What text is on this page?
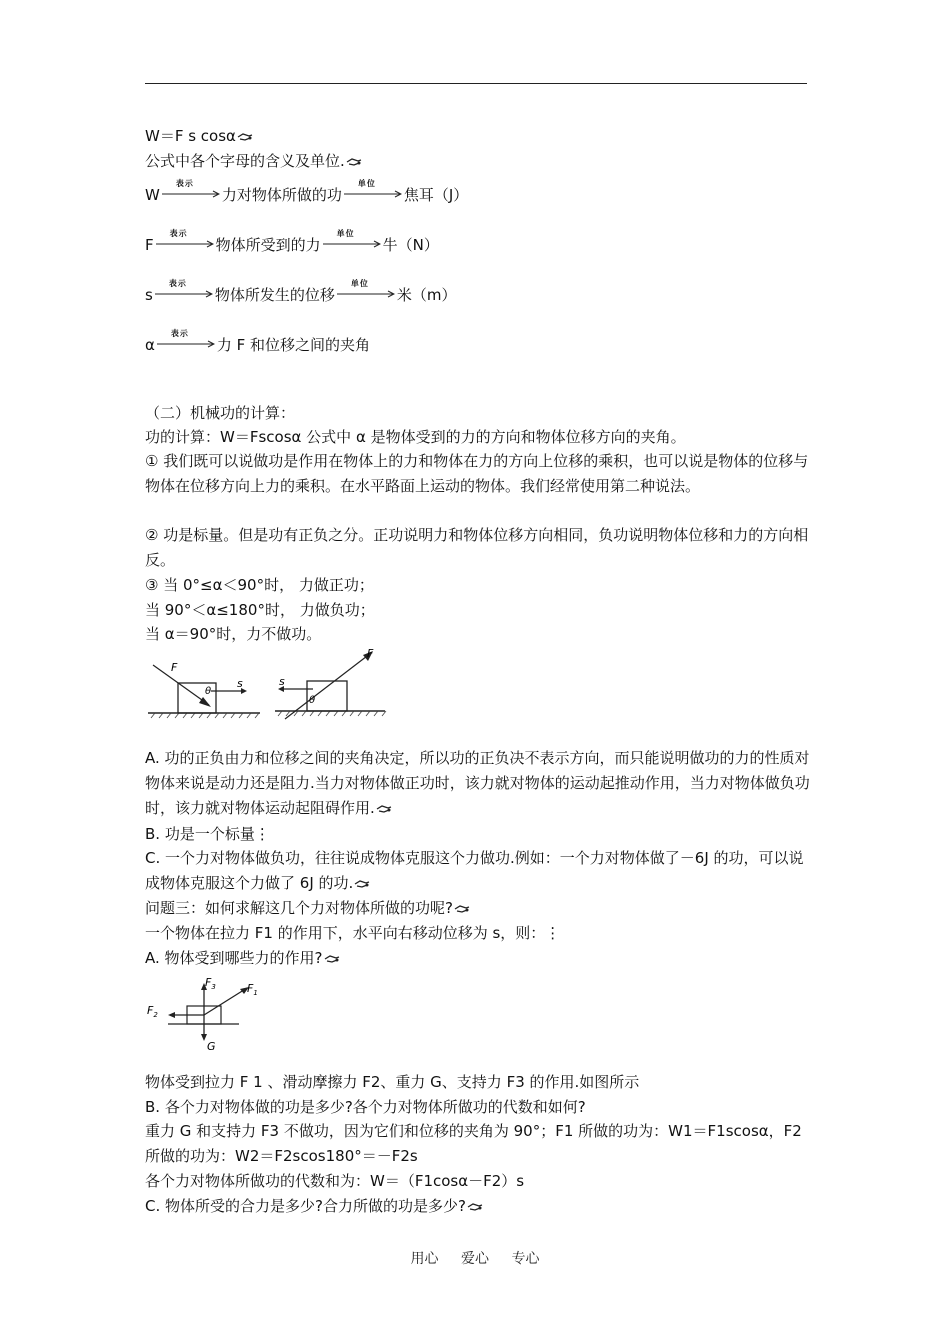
W＝F s cosα
公式中各个字母的含义及单位.
W
表示
力对物体所做的功
单位
焦耳（J）
F
表示
物体所受到的力
单位
牛（N）
s
表示
物体所发生的位移
单位
米（m）
α
表示
力 F 和位移之间的夹角
（二）机械功的计算：
功的计算：W＝Fscosα 公式中 α 是物体受到的力的方向和物体位移方向的夹角。
① 我们既可以说做功是作用在物体上的力和物体在力的方向上位移的乘积，也可以说是物体的位移与物体在位移方向上力的乘积。在水平路面上运动的物体。我们经常使用第二种说法。
② 功是标量。但是功有正负之分。正功说明力和物体位移方向相同，负功说明物体位移和力的方向相反。
③ 当 0°≤α＜90°时， 力做正功；
当 90°＜α≤180°时， 力做负功；
当 α＝90°时，力不做功。
F
θ
s
F
s
θ
A. 功的正负由力和位移之间的夹角决定，所以功的正负决不表示方向，而只能说明做功的力的性质对物体来说是动力还是阻力.当力对物体做正功时，该力就对物体的运动起推动作用，当力对物体做负功时，该力就对物体运动起阻碍作用.
B. 功是一个标量⋮
C. 一个力对物体做负功，往往说成物体克服这个力做功.例如：一个力对物体做了－6J 的功，可以说成物体克服这个力做了 6J 的功.
问题三：如何求解这几个力对物体所做的功呢?
一个物体在拉力 F1 的作用下，水平向右移动位移为 s，则：⋮
A. 物体受到哪些力的作用?
$F_3$	$F_1$
$F_2$
G
物体受到拉力 F 1 、滑动摩擦力 F2、重力 G、支持力 F3 的作用.如图所示
B. 各个力对物体做的功是多少?各个力对物体所做功的代数和如何?
重力 G 和支持力 F3 不做功，因为它们和位移的夹角为 90°；F1 所做的功为：W1＝F1scosα，F2 所做的功为：W2＝F2scos180°＝－F2s
各个力对物体所做功的代数和为：W＝（F1cosα－F2）s
C. 物体所受的合力是多少?合力所做的功是多少?
用心 爱心 专心
